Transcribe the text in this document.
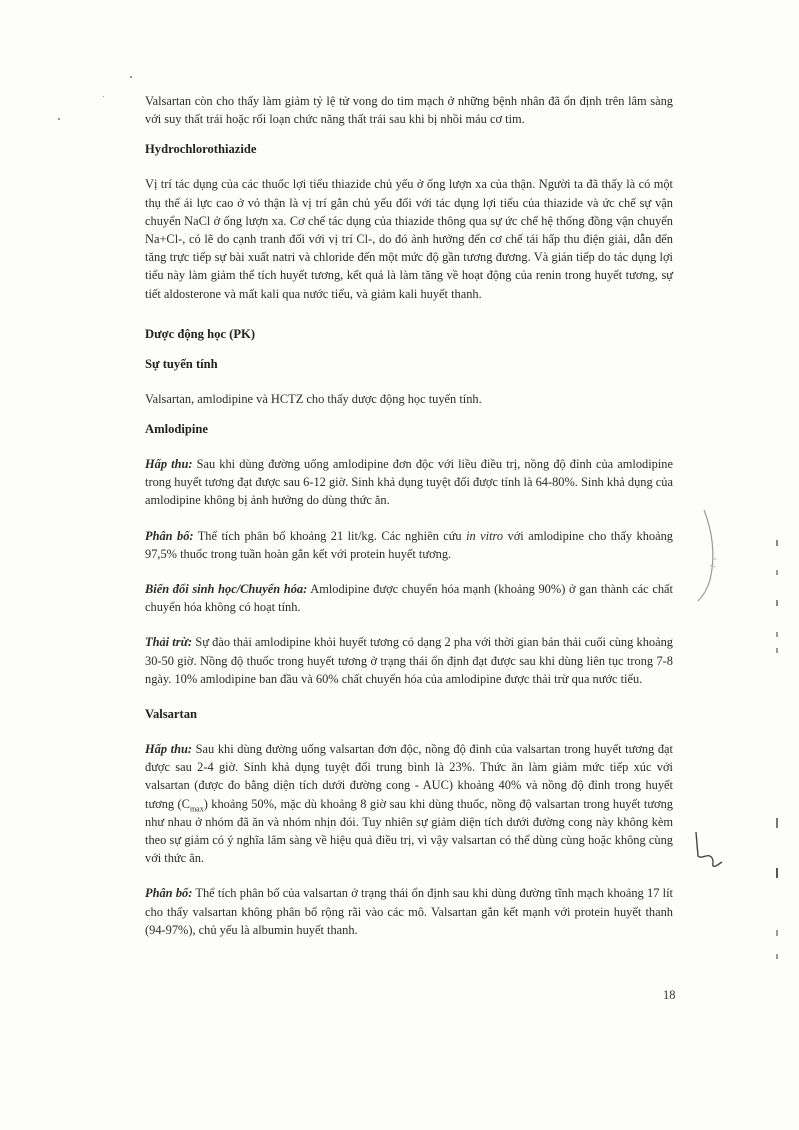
Valsartan còn cho thấy làm giảm tỷ lệ tử vong do tim mạch ở những bệnh nhân đã ổn định trên lâm sàng với suy thất trái hoặc rối loạn chức năng thất trái sau khi bị nhồi máu cơ tim.

Hydrochlorothiazide

Vị trí tác dụng của các thuốc lợi tiểu thiazide chủ yếu ở ống lượn xa của thận. Người ta đã thấy là có một thụ thể ái lực cao ở vỏ thận là vị trí gắn chủ yếu đối với tác dụng lợi tiểu của thiazide và ức chế sự vận chuyển NaCl ở ống lượn xa. Cơ chế tác dụng của thiazide thông qua sự ức chế hệ thống đồng vận chuyển Na+Cl-, có lẽ do cạnh tranh đối với vị trí Cl-, do đó ảnh hưởng đến cơ chế tái hấp thu điện giải, dẫn đến tăng trực tiếp sự bài xuất natri và chloride đến một mức độ gần tương đương. Và gián tiếp do tác dụng lợi tiểu này làm giảm thể tích huyết tương, kết quả là làm tăng về hoạt động của renin trong huyết tương, sự tiết aldosterone và mất kali qua nước tiểu, và giảm kali huyết thanh.

Dược động học (PK)
Sự tuyến tính

Valsartan, amlodipine và HCTZ cho thấy dược động học tuyến tính.

Amlodipine

Hấp thu: Sau khi dùng đường uống amlodipine đơn độc với liều điều trị, nồng độ đỉnh của amlodipine trong huyết tương đạt được sau 6-12 giờ. Sinh khả dụng tuyệt đối được tính là 64-80%. Sinh khả dụng của amlodipine không bị ảnh hưởng do dùng thức ăn.

Phân bố: Thể tích phân bố khoảng 21 lit/kg. Các nghiên cứu in vitro với amlodipine cho thấy khoảng 97,5% thuốc trong tuần hoàn gắn kết với protein huyết tương.

Biến đổi sinh học/Chuyển hóa: Amlodipine được chuyển hóa mạnh (khoảng 90%) ở gan thành các chất chuyển hóa không có hoạt tính.

Thải trừ: Sự đào thải amlodipine khỏi huyết tương có dạng 2 pha với thời gian bán thải cuối cùng khoảng 30-50 giờ. Nồng độ thuốc trong huyết tương ở trạng thái ổn định đạt được sau khi dùng liên tục trong 7-8 ngày. 10% amlodipine ban đầu và 60% chất chuyển hóa của amlodipine được thải trừ qua nước tiểu.

Valsartan

Hấp thu: Sau khi dùng đường uống valsartan đơn độc, nồng độ đỉnh của valsartan trong huyết tương đạt được sau 2-4 giờ. Sinh khả dụng tuyệt đối trung bình là 23%. Thức ăn làm giảm mức tiếp xúc với valsartan (được đo bằng diện tích dưới đường cong - AUC) khoảng 40% và nồng độ đỉnh trong huyết tương $(C_{max})$ khoảng 50%, mặc dù khoảng 8 giờ sau khi dùng thuốc, nồng độ valsartan trong huyết tương như nhau ở nhóm đã ăn và nhóm nhịn đói. Tuy nhiên sự giảm diện tích dưới đường cong này không kèm theo sự giảm có ý nghĩa lâm sàng về hiệu quả điều trị, vì vậy valsartan có thể dùng cùng hoặc không cùng với thức ăn.

Phân bố: Thể tích phân bố của valsartan ở trạng thái ổn định sau khi dùng đường tĩnh mạch khoảng 17 lít cho thấy valsartan không phân bố rộng rãi vào các mô. Valsartan gắn kết mạnh với protein huyết thanh (94-97%), chủ yếu là albumin huyết thanh.

18
